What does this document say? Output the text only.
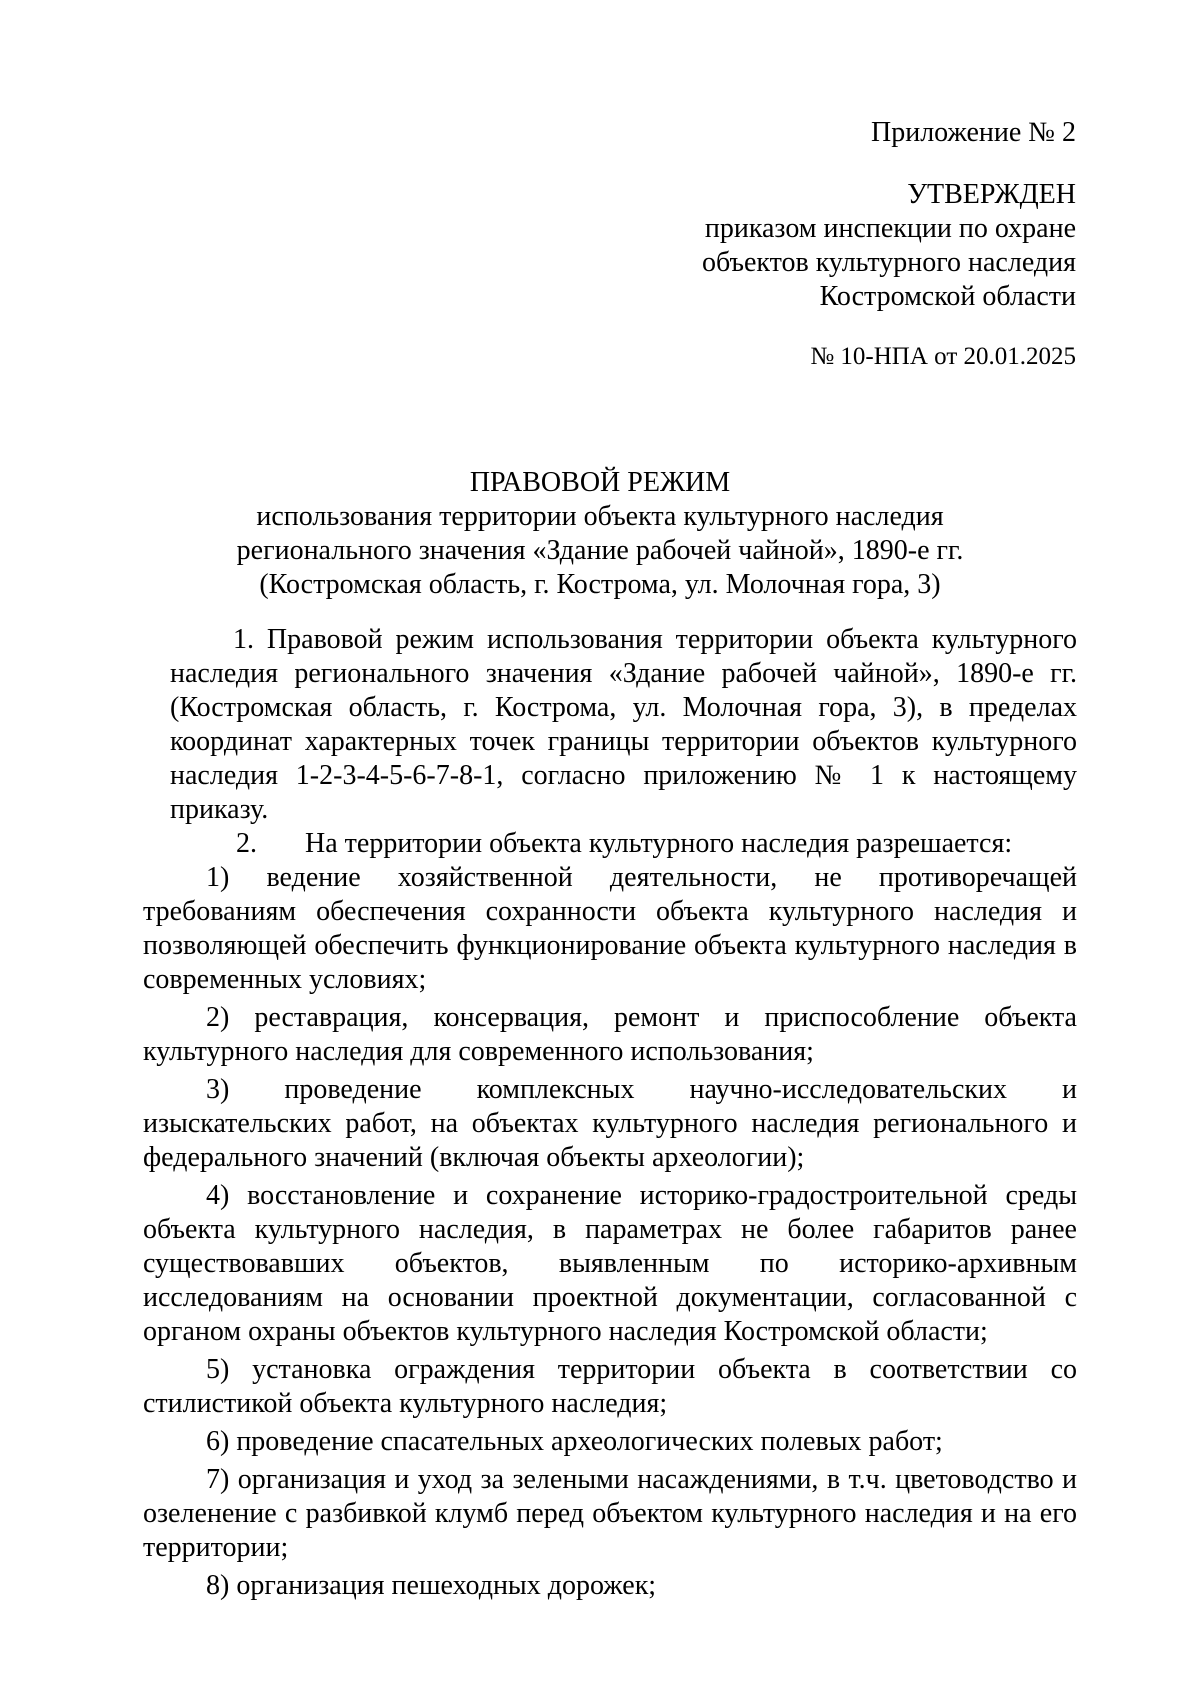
Приложение № 2
УТВЕРЖДЕН
приказом инспекции по охране
объектов культурного наследия
Костромской области
№ 10-НПА от 20.01.2025
ПРАВОВОЙ РЕЖИМ
использования территории объекта культурного наследия
регионального значения «Здание рабочей чайной», 1890-е гг.
(Костромская область, г. Кострома, ул. Молочная гора, 3)

1. Правовой режим использования территории объекта культурного наследия регионального значения «Здание рабочей чайной», 1890-е гг. (Костромская область, г. Кострома, ул. Молочная гора, 3), в пределах координат характерных точек границы территории объектов культурного наследия 1-2-3-4-5-6-7-8-1, согласно приложению № 1 к настоящему приказу.

2. На территории объекта культурного наследия разрешается:

1) ведение хозяйственной деятельности, не противоречащей требованиям обеспечения сохранности объекта культурного наследия и позволяющей обеспечить функционирование объекта культурного наследия в современных условиях;

2) реставрация, консервация, ремонт и приспособление объекта культурного наследия для современного использования;

3) проведение комплексных научно-исследовательских и изыскательских работ, на объектах культурного наследия регионального и федерального значений (включая объекты археологии);

4) восстановление и сохранение историко-градостроительной среды объекта культурного наследия, в параметрах не более габаритов ранее существовавших объектов, выявленным по историко-архивным исследованиям на основании проектной документации, согласованной с органом охраны объектов культурного наследия Костромской области;

5) установка ограждения территории объекта в соответствии со стилистикой объекта культурного наследия;

6) проведение спасательных археологических полевых работ;

7) организация и уход за зелеными насаждениями, в т.ч. цветоводство и озеленение с разбивкой клумб перед объектом культурного наследия и на его территории;

8) организация пешеходных дорожек;
